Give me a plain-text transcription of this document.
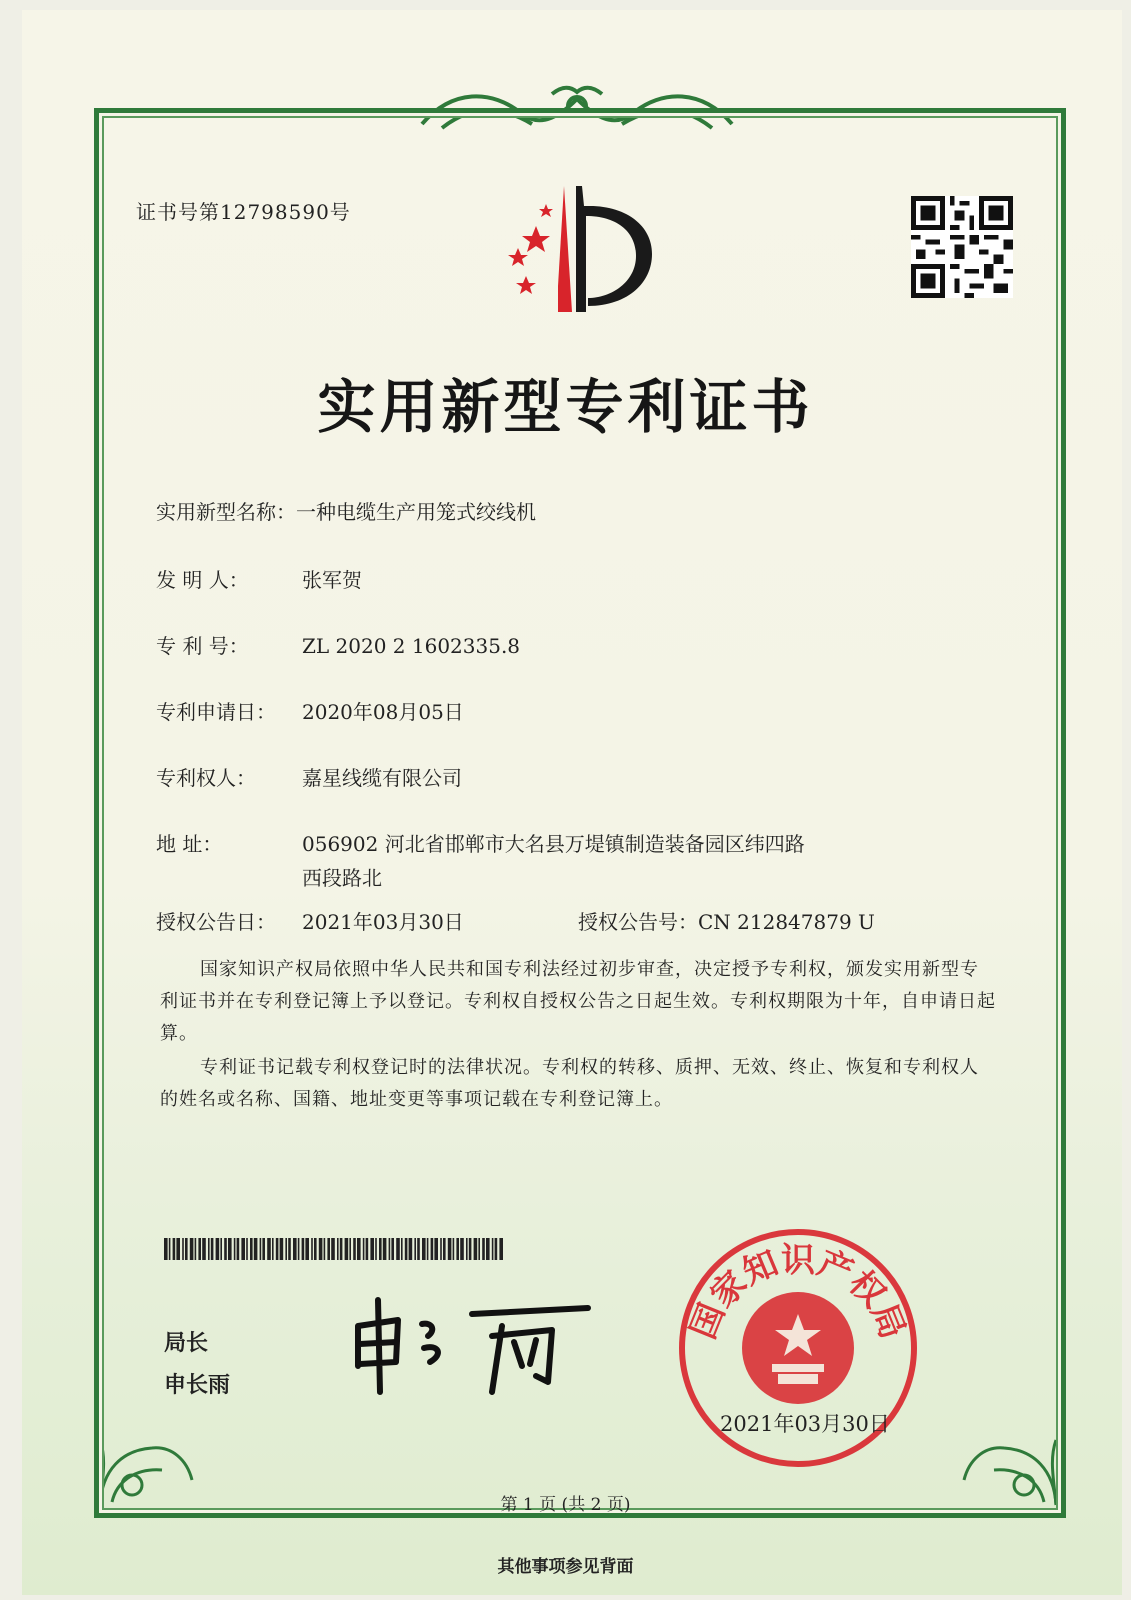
证书号第12798590号
实用新型专利证书
实用新型名称：一种电缆生产用笼式绞线机
发 明 人：	张军贺
专 利 号：	ZL 2020 2 1602335.8
专利申请日： 2020年08月05日
专利权人： 嘉星线缆有限公司
地 址：	056902 河北省邯郸市大名县万堤镇制造装备园区纬四路
西段路北
授权公告日： 2021年03月30日	授权公告号：CN 212847879 U
国家知识产权局依照中华人民共和国专利法经过初步审查，决定授予专利权，颁发实用新型专利证书并在专利登记簿上予以登记。专利权自授权公告之日起生效。专利权期限为十年，自申请日起算。
专利证书记载专利权登记时的法律状况。专利权的转移、质押、无效、终止、恢复和专利权人的姓名或名称、国籍、地址变更等事项记载在专利登记簿上。
局长
申长雨
国家知识产权局
2021年03月30日
第 1 页 (共 2 页)
其他事项参见背面
